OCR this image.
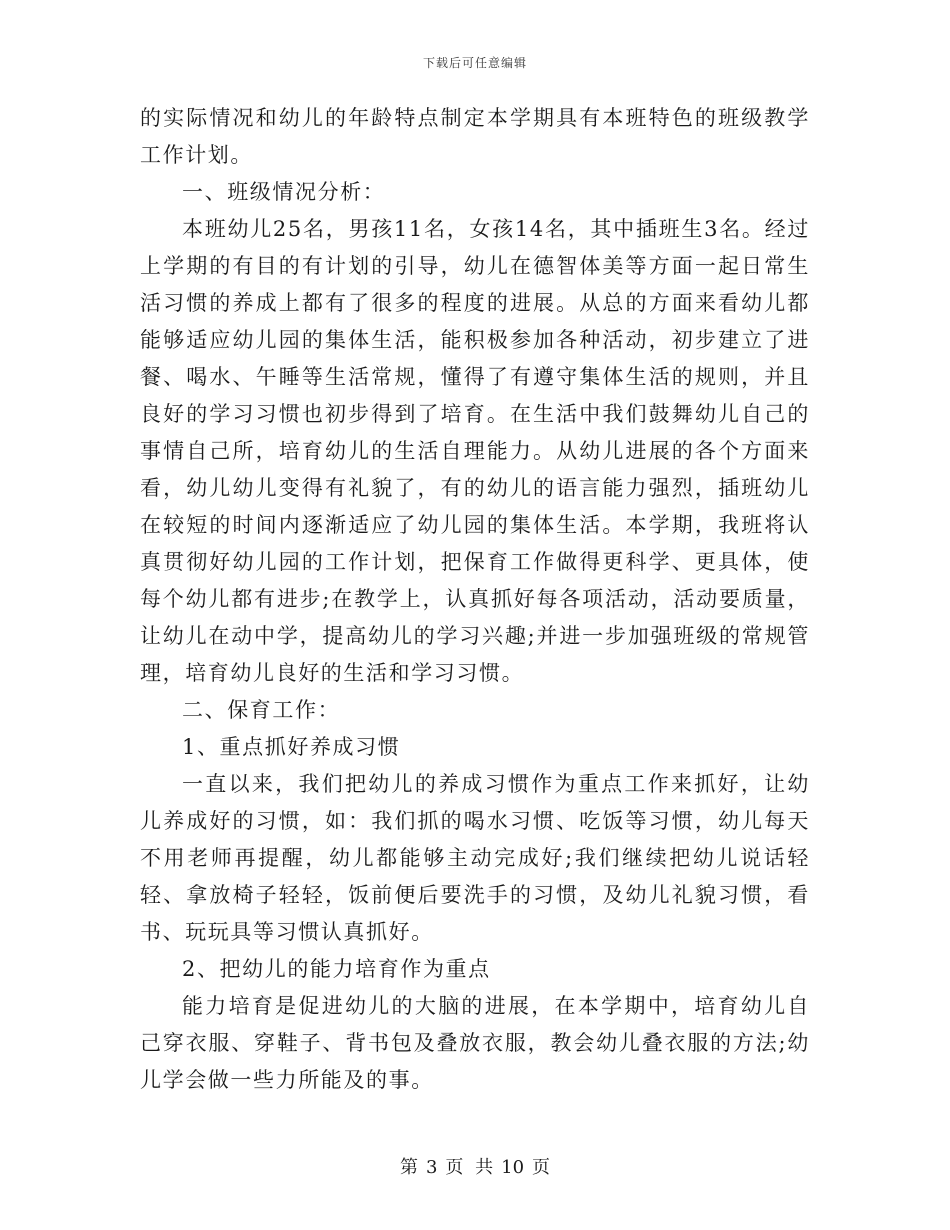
下载后可任意编辑

的实际情况和幼儿的年龄特点制定本学期具有本班特色的班级教学工作计划。

一、班级情况分析：

本班幼儿25名，男孩11名，女孩14名，其中插班生3名。经过上学期的有目的有计划的引导，幼儿在德智体美等方面一起日常生活习惯的养成上都有了很多的程度的进展。从总的方面来看幼儿都能够适应幼儿园的集体生活，能积极参加各种活动，初步建立了进餐、喝水、午睡等生活常规，懂得了有遵守集体生活的规则，并且良好的学习习惯也初步得到了培育。在生活中我们鼓舞幼儿自己的事情自己所，培育幼儿的生活自理能力。从幼儿进展的各个方面来看，幼儿幼儿变得有礼貌了，有的幼儿的语言能力强烈，插班幼儿在较短的时间内逐渐适应了幼儿园的集体生活。本学期，我班将认真贯彻好幼儿园的工作计划，把保育工作做得更科学、更具体，使每个幼儿都有进步;在教学上，认真抓好每各项活动，活动要质量，让幼儿在动中学，提高幼儿的学习兴趣;并进一步加强班级的常规管理，培育幼儿良好的生活和学习习惯。

二、保育工作：

1、重点抓好养成习惯

一直以来，我们把幼儿的养成习惯作为重点工作来抓好，让幼儿养成好的习惯，如：我们抓的喝水习惯、吃饭等习惯，幼儿每天不用老师再提醒，幼儿都能够主动完成好;我们继续把幼儿说话轻轻、拿放椅子轻轻，饭前便后要洗手的习惯，及幼儿礼貌习惯，看书、玩玩具等习惯认真抓好。

2、把幼儿的能力培育作为重点

能力培育是促进幼儿的大脑的进展，在本学期中，培育幼儿自己穿衣服、穿鞋子、背书包及叠放衣服，教会幼儿叠衣服的方法;幼儿学会做一些力所能及的事。

第 3 页 共 10 页
